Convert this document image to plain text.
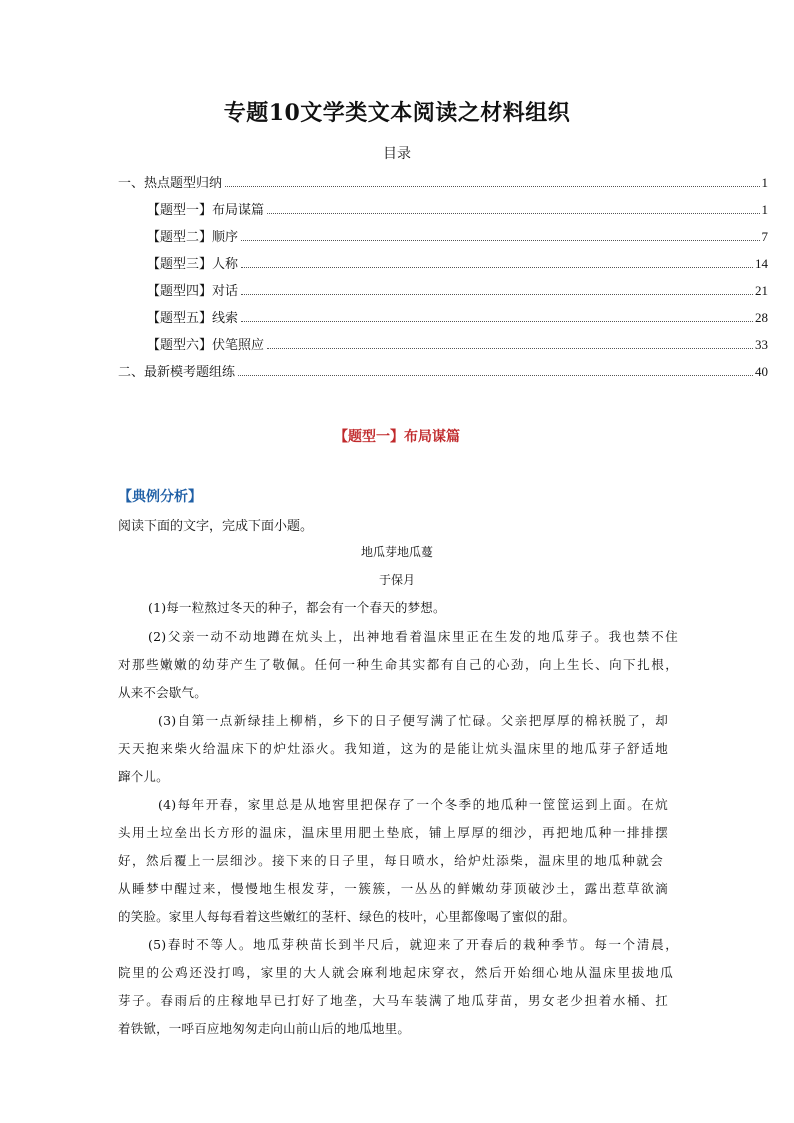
专题10文学类文本阅读之材料组织
目录
一、热点题型归纳	1
【题型一】布局谋篇	1
【题型二】顺序	7
【题型三】人称	14
【题型四】对话	21
【题型五】线索	28
【题型六】伏笔照应	33
二、最新模考题组练	40
【题型一】布局谋篇
【典例分析】
阅读下面的文字，完成下面小题。
地瓜芽地瓜蔓
于保月
(1)每一粒熬过冬天的种子，都会有一个春天的梦想。
(2)父亲一动不动地蹲在炕头上，出神地看着温床里正在生发的地瓜芽子。我也禁不住
对那些嫩嫩的幼芽产生了敬佩。任何一种生命其实都有自己的心劲，向上生长、向下扎根，
从来不会歇气。
(3)自第一点新绿挂上柳梢，乡下的日子便写满了忙碌。父亲把厚厚的棉袄脱了，却
天天抱来柴火给温床下的炉灶添火。我知道，这为的是能让炕头温床里的地瓜芽子舒适地
蹿个儿。
(4)每年开春，家里总是从地窖里把保存了一个冬季的地瓜种一筐筐运到上面。在炕
头用土垃垒出长方形的温床，温床里用肥土垫底，铺上厚厚的细沙，再把地瓜种一排排摆
好，然后覆上一层细沙。接下来的日子里，每日喷水，给炉灶添柴，温床里的地瓜种就会
从睡梦中醒过来，慢慢地生根发芽，一簇簇，一丛丛的鲜嫩幼芽顶破沙土，露出惹草欲滴
的笑脸。家里人每每看着这些嫩红的茎杆、绿色的枝叶，心里都像喝了蜜似的甜。
(5)春时不等人。地瓜芽秧苗长到半尺后，就迎来了开春后的栽种季节。每一个清晨，
院里的公鸡还没打鸣，家里的大人就会麻利地起床穿衣，然后开始细心地从温床里拔地瓜
芽子。春雨后的庄稼地早已打好了地垄，大马车装满了地瓜芽苗，男女老少担着水桶、扛
着铁锨，一呼百应地匆匆走向山前山后的地瓜地里。
